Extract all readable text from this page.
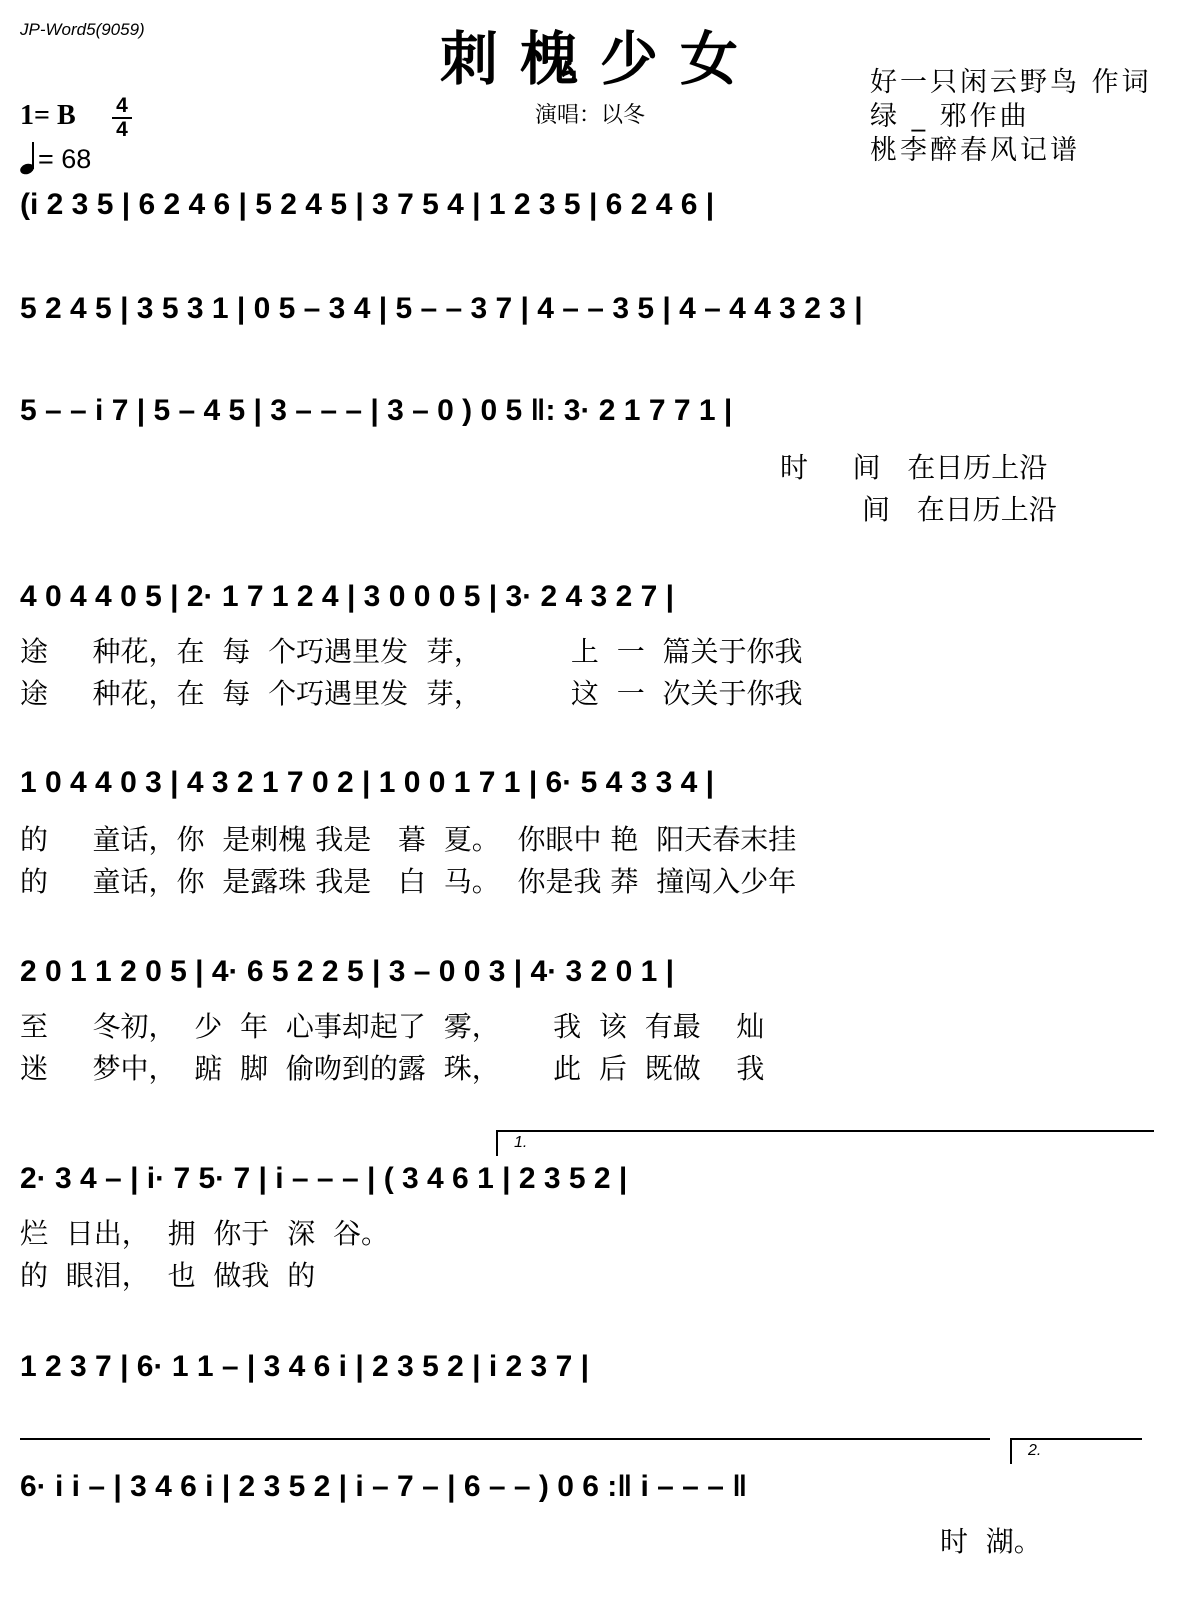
JP-Word5(9059)	刺槐少女
演唱：以冬
好一只闲云野鸟 作词
绿 _ 邪作曲
桃李醉春风记谱
1= B 4
4
= 68
(i 2 3 5 | 6 2 4 6 | 5 2 4 5 | 3 7 5 4 | 1 2 3 5 | 6 2 4 6 |
5 2 4 5 | 3 5 3 1 | 0 5 – 3 4 | 5 – – 3 7 | 4 – – 3 5 | 4 – 4 4 3 2 3 |
5 – – i 7 | 5 – 4 5 | 3 – – – | 3 – 0 ) 0 5 ‖: 3· 2 1 7 7 1 |
时     间   在日历上沿
间   在日历上沿
4 0 4 4 0 5 | 2· 1 7 1 2 4 | 3 0 0 0 5 | 3· 2 4 3 2 7 |
途     种花，在  每  个巧遇里发  芽，          上  一  篇关于你我
途     种花，在  每  个巧遇里发  芽，          这  一  次关于你我
1 0 4 4 0 3 | 4 3 2 1 7 0 2 | 1 0 0 1 7 1 | 6· 5 4 3 3 4 |
的     童话，你  是刺槐 我是   暮  夏。  你眼中 艳  阳天春末挂
的     童话，你  是露珠 我是   白  马。  你是我 莽  撞闯入少年
2 0 1 1 2 0 5 | 4· 6 5 2 2 5 | 3 – 0 0 3 | 4· 3 2 0 1 |
至     冬初，  少  年  心事却起了  雾，      我  该  有最    灿
迷     梦中，  踮  脚  偷吻到的露  珠，      此  后  既做    我
1.
2· 3 4 – | i· 7 5· 7 | i – – – | ( 3 4 6 1 | 2 3 5 2 |
烂  日出，  拥  你于  深  谷。
的  眼泪，  也  做我  的
1 2 3 7 | 6· 1 1 – | 3 4 6 i | 2 3 5 2 | i 2 3 7 |
2.
6· i i – | 3 4 6 i | 2 3 5 2 | i – 7 – | 6 – – ) 0 6 :‖ i – – – ‖
时  湖。
